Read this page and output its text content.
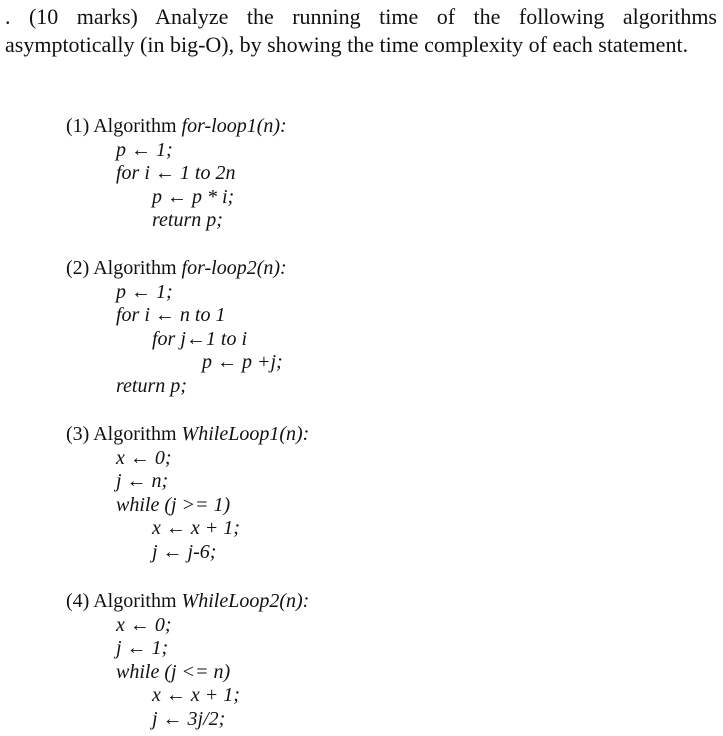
. (10 marks) Analyze the running time of the following algorithms asymptotically (in big-O), by showing the time complexity of each statement.
(1) Algorithm for-loop1(n):
p ← 1;
for i ← 1 to 2n
p ← p * i;
return p;
(2) Algorithm for-loop2(n):
p ← 1;
for i ← n to 1
for j←1 to i
p ← p +j;
return p;
(3) Algorithm WhileLoop1(n):
x ← 0;
j ← n;
while (j >= 1)
x ← x + 1;
j ← j-6;
(4) Algorithm WhileLoop2(n):
x ← 0;
j ← 1;
while (j <= n)
x ← x + 1;
j ← 3j/2;
